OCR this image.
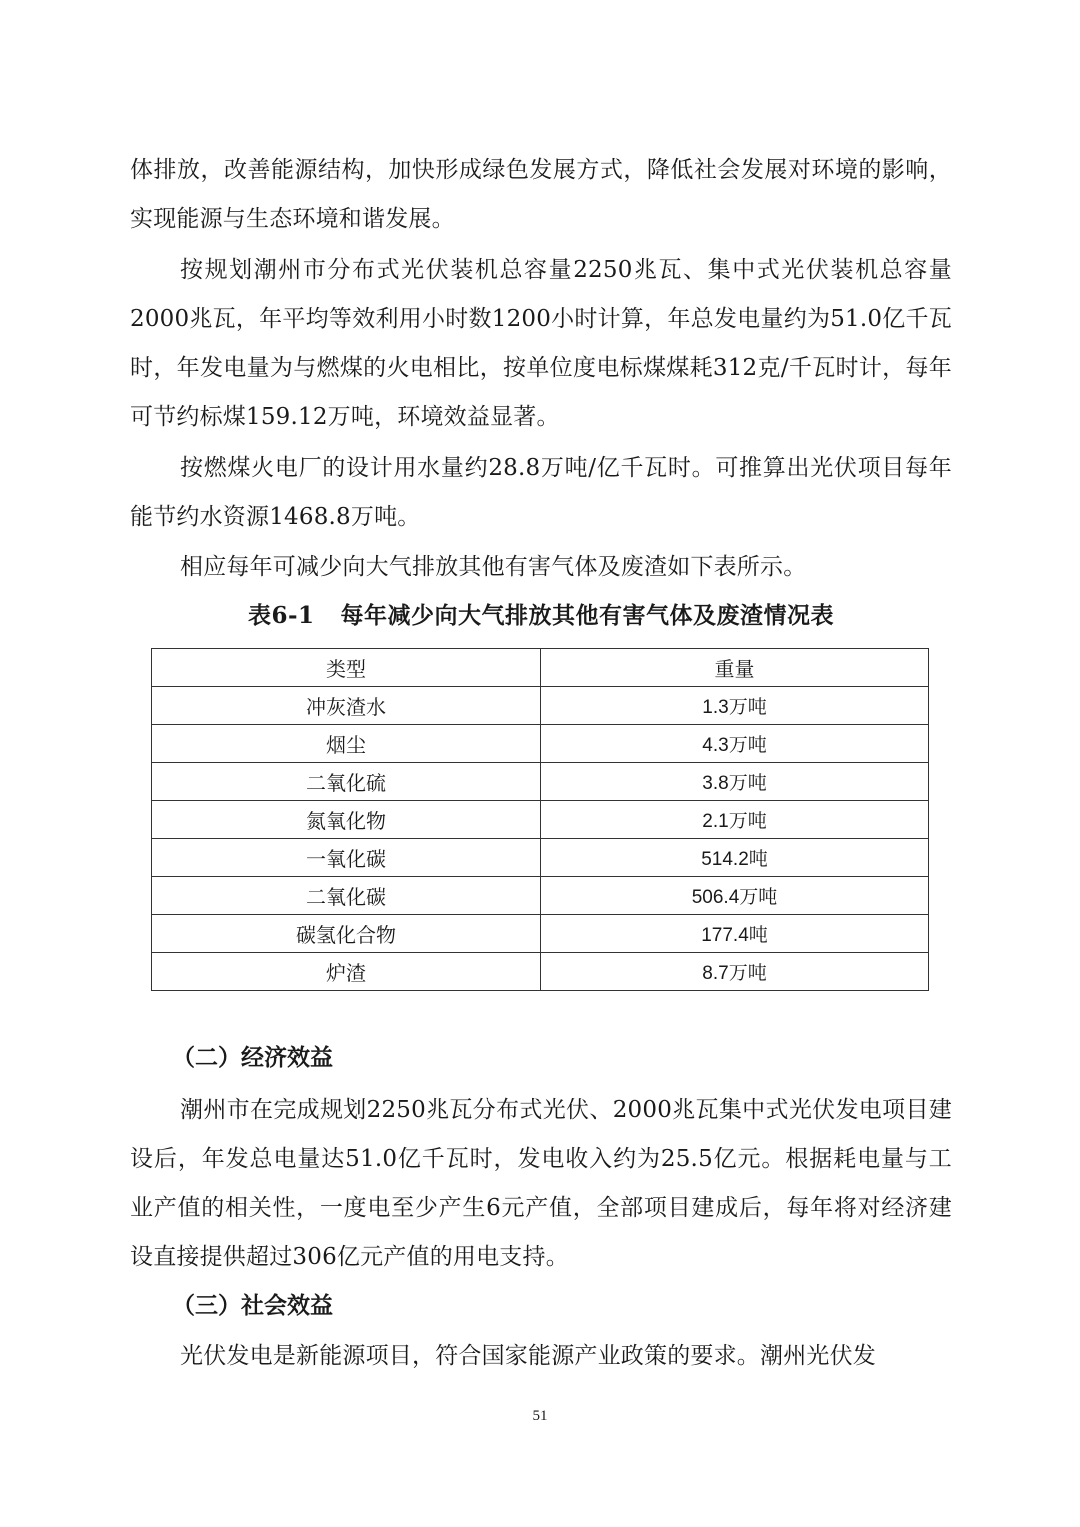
体排放，改善能源结构，加快形成绿色发展方式，降低社会发展对环境的影响，实现能源与生态环境和谐发展。

按规划潮州市分布式光伏装机总容量2250兆瓦、集中式光伏装机总容量2000兆瓦，年平均等效利用小时数1200小时计算，年总发电量约为51.0亿千瓦时，年发电量为与燃煤的火电相比，按单位度电标煤煤耗312克/千瓦时计，每年可节约标煤159.12万吨，环境效益显著。

按燃煤火电厂的设计用水量约28.8万吨/亿千瓦时。可推算出光伏项目每年能节约水资源1468.8万吨。

相应每年可减少向大气排放其他有害气体及废渣如下表所示。

表6-1 每年减少向大气排放其他有害气体及废渣情况表
类型	重量
冲灰渣水	1.3万吨
烟尘	4.3万吨
二氧化硫	3.8万吨
氮氧化物	2.1万吨
一氧化碳	514.2吨
二氧化碳	506.4万吨
碳氢化合物	177.4吨
炉渣	8.7万吨
（二）经济效益

潮州市在完成规划2250兆瓦分布式光伏、2000兆瓦集中式光伏发电项目建设后，年发总电量达51.0亿千瓦时，发电收入约为25.5亿元。根据耗电量与工业产值的相关性，一度电至少产生6元产值，全部项目建成后，每年将对经济建设直接提供超过306亿元产值的用电支持。

（三）社会效益

光伏发电是新能源项目，符合国家能源产业政策的要求。潮州光伏发

51
